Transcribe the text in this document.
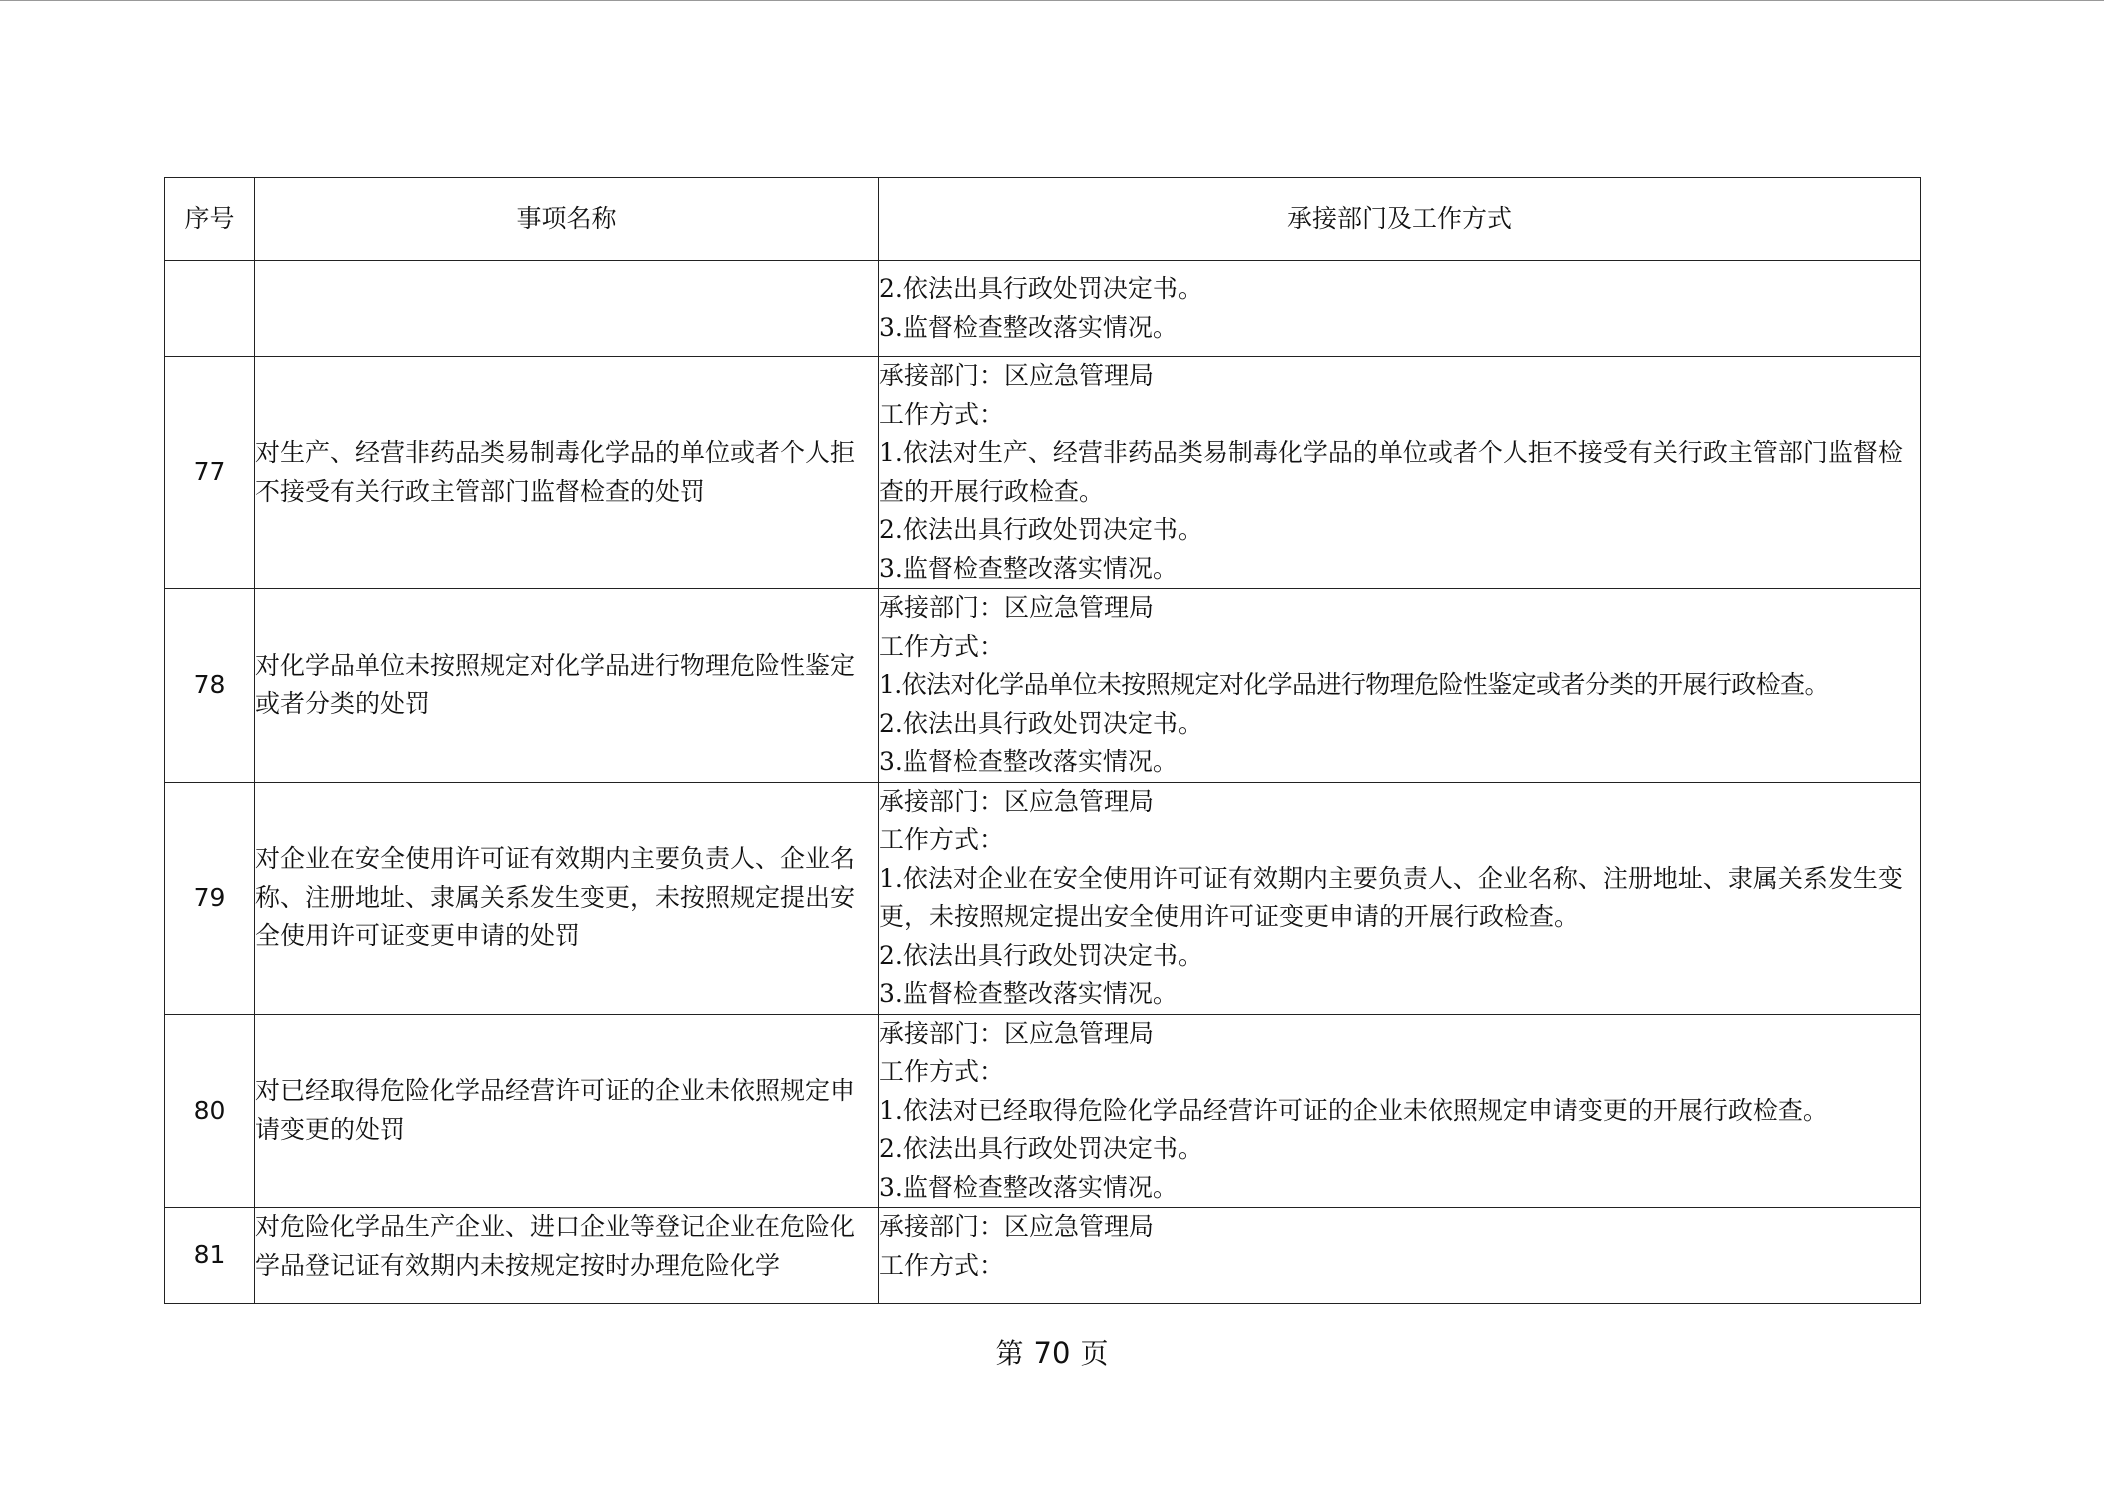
序号	事项名称	承接部门及工作方式

		2.依法出具行政处罚决定书。
3.监督检查整改落实情况。

77	对生产、经营非药品类易制毒化学品的单位或者个人拒不接受有关行政主管部门监督检查的处罚	承接部门：区应急管理局
工作方式：
1.依法对生产、经营非药品类易制毒化学品的单位或者个人拒不接受有关行政主管部门监督检查的开展行政检查。
2.依法出具行政处罚决定书。
3.监督检查整改落实情况。

78	对化学品单位未按照规定对化学品进行物理危险性鉴定或者分类的处罚	承接部门：区应急管理局
工作方式：
1.依法对化学品单位未按照规定对化学品进行物理危险性鉴定或者分类的开展行政检查。
2.依法出具行政处罚决定书。
3.监督检查整改落实情况。

79	对企业在安全使用许可证有效期内主要负责人、企业名称、注册地址、隶属关系发生变更，未按照规定提出安全使用许可证变更申请的处罚	承接部门：区应急管理局
工作方式：
1.依法对企业在安全使用许可证有效期内主要负责人、企业名称、注册地址、隶属关系发生变更，未按照规定提出安全使用许可证变更申请的开展行政检查。
2.依法出具行政处罚决定书。
3.监督检查整改落实情况。

80	对已经取得危险化学品经营许可证的企业未依照规定申请变更的处罚	承接部门：区应急管理局
工作方式：
1.依法对已经取得危险化学品经营许可证的企业未依照规定申请变更的开展行政检查。
2.依法出具行政处罚决定书。
3.监督检查整改落实情况。

81	对危险化学品生产企业、进口企业等登记企业在危险化学品登记证有效期内未按规定按时办理危险化学	承接部门：区应急管理局
工作方式：
第 70 页
